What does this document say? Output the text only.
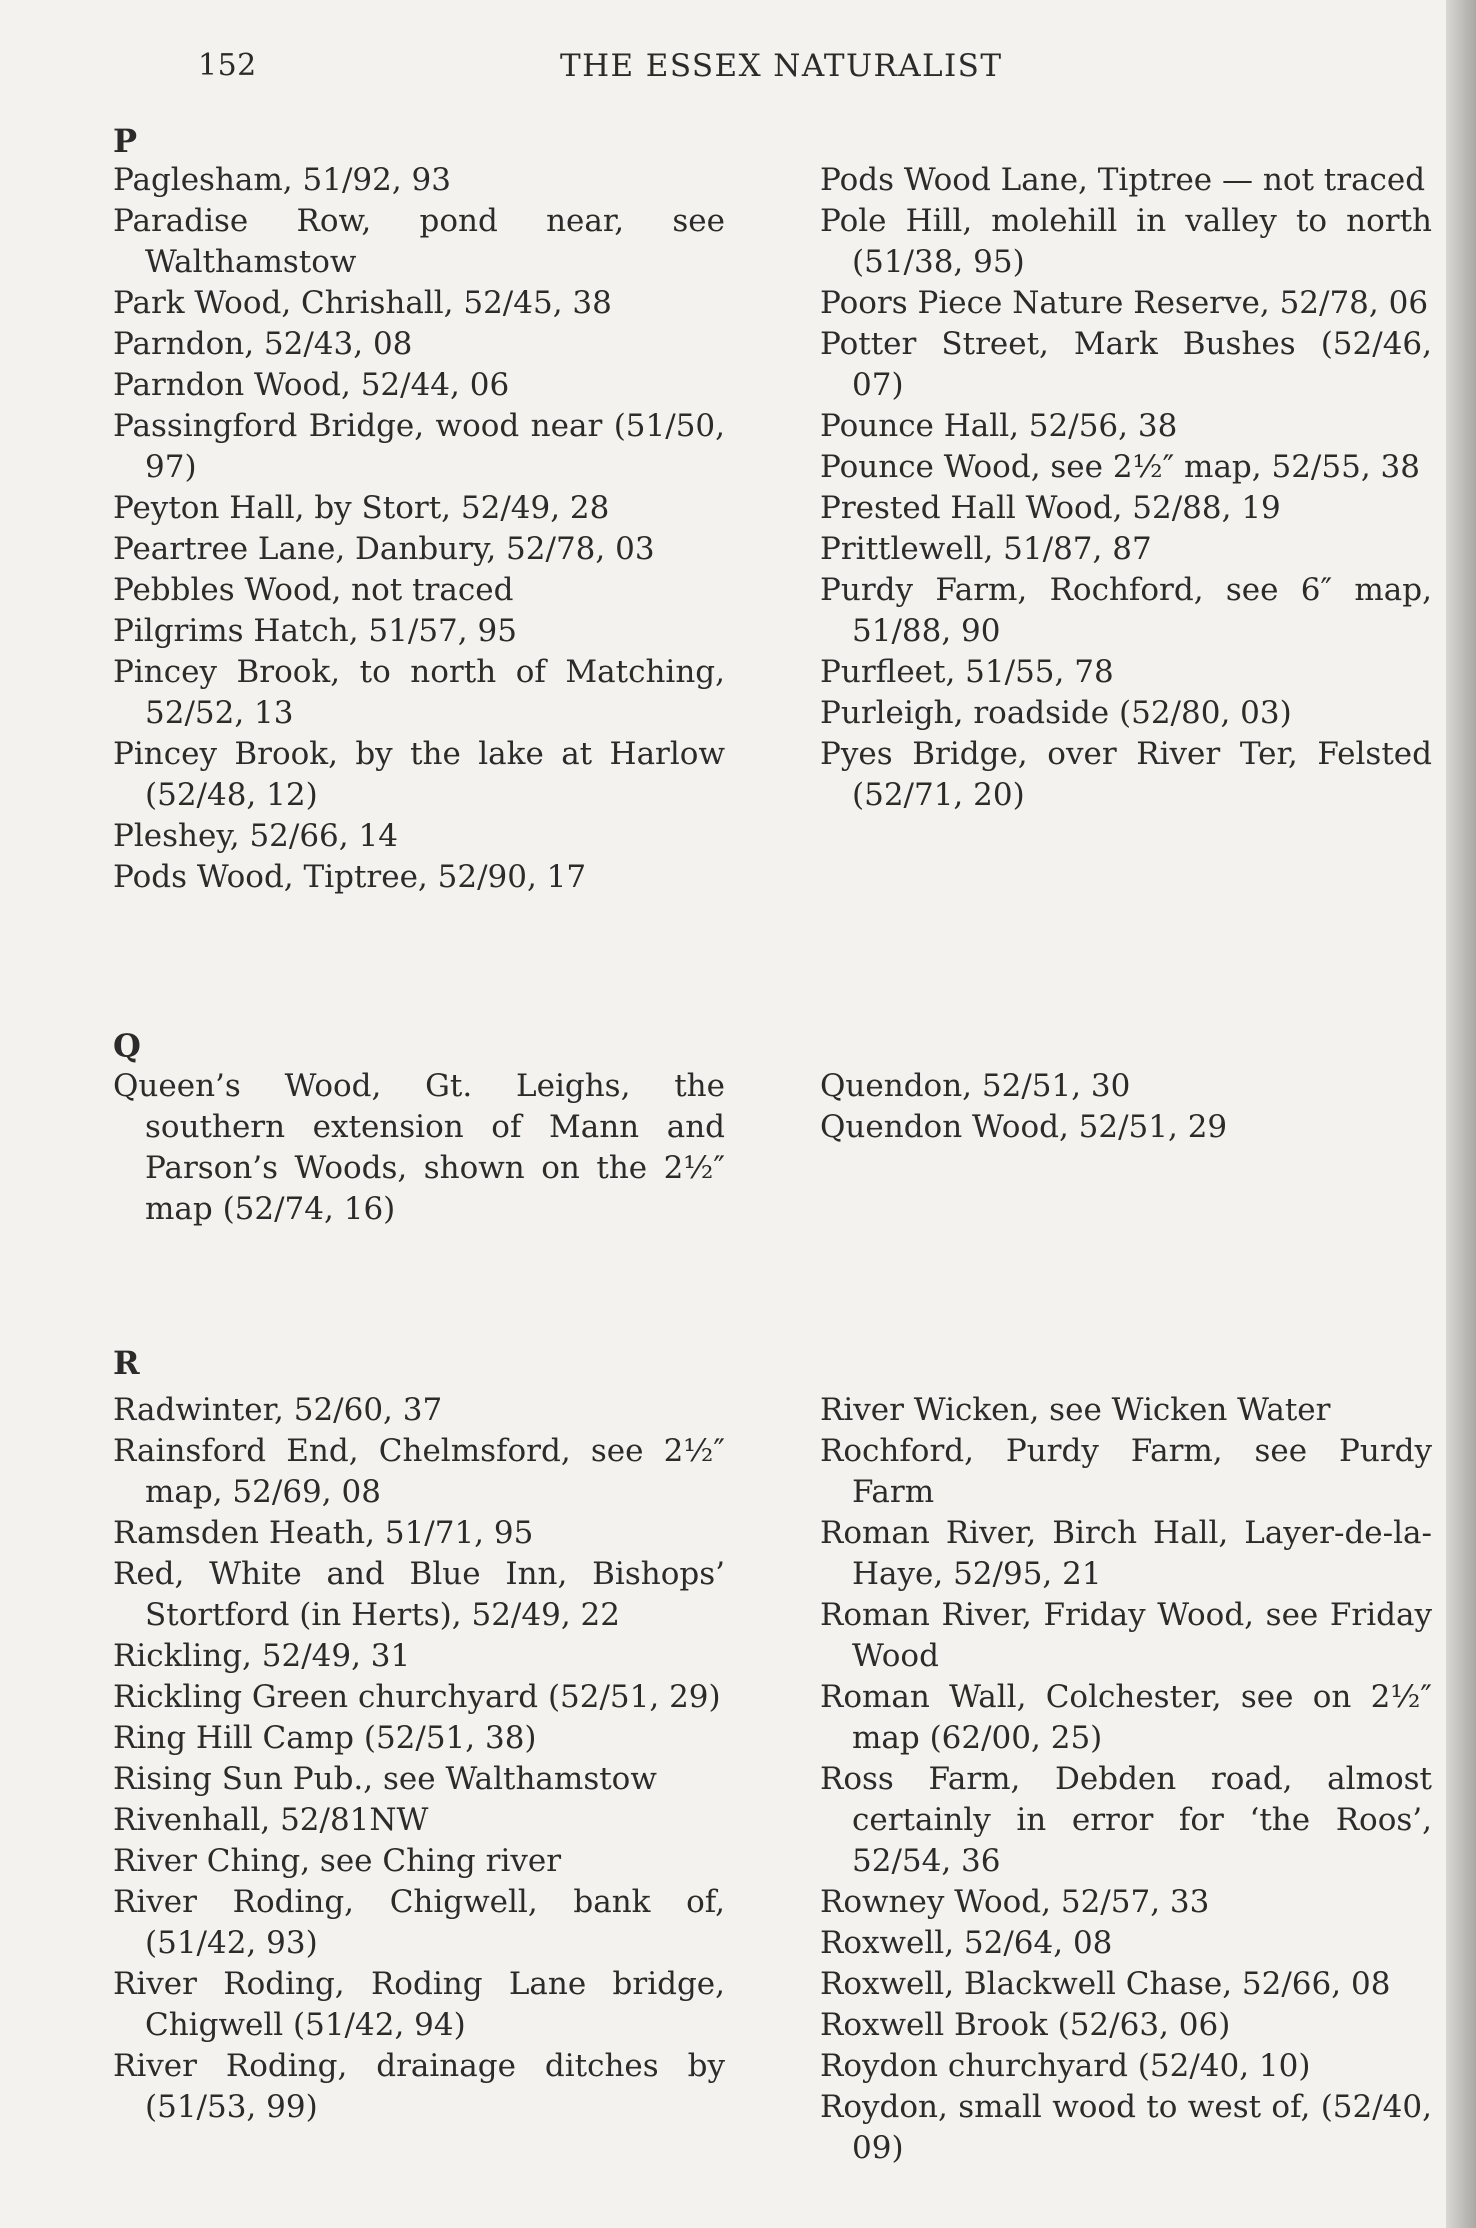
152	THE ESSEX NATURALIST
P

Paglesham, 51/92, 93

Paradise Row, pond near, see Walthamstow

Park Wood, Chrishall, 52/45, 38

Parndon, 52/43, 08

Parndon Wood, 52/44, 06

Passingford Bridge, wood near (51/50, 97)

Peyton Hall, by Stort, 52/49, 28

Peartree Lane, Danbury, 52/78, 03

Pebbles Wood, not traced

Pilgrims Hatch, 51/57, 95

Pincey Brook, to north of Matching, 52/52, 13

Pincey Brook, by the lake at Harlow (52/48, 12)

Pleshey, 52/66, 14

Pods Wood, Tiptree, 52/90, 17

Pods Wood Lane, Tiptree — not traced

Pole Hill, molehill in valley to north (51/38, 95)

Poors Piece Nature Reserve, 52/78, 06

Potter Street, Mark Bushes (52/46, 07)

Pounce Hall, 52/56, 38

Pounce Wood, see 2½″ map, 52/55, 38

Prested Hall Wood, 52/88, 19

Prittlewell, 51/87, 87

Purdy Farm, Rochford, see 6″ map, 51/88, 90

Purfleet, 51/55, 78

Purleigh, roadside (52/80, 03)

Pyes Bridge, over River Ter, Felsted (52/71, 20)

Q

Queen’s Wood, Gt. Leighs, the southern extension of Mann and Parson’s Woods, shown on the 2½″ map (52/74, 16)

Quendon, 52/51, 30

Quendon Wood, 52/51, 29

R

Radwinter, 52/60, 37

Rainsford End, Chelmsford, see 2½″ map, 52/69, 08

Ramsden Heath, 51/71, 95

Red, White and Blue Inn, Bishops’ Stortford (in Herts), 52/49, 22

Rickling, 52/49, 31

Rickling Green churchyard (52/51, 29)

Ring Hill Camp (52/51, 38)

Rising Sun Pub., see Walthamstow

Rivenhall, 52/81NW

River Ching, see Ching river

River Roding, Chigwell, bank of, (51/42, 93)

River Roding, Roding Lane bridge, Chigwell (51/42, 94)

River Roding, drainage ditches by (51/53, 99)

River Wicken, see Wicken Water

Rochford, Purdy Farm, see Purdy Farm

Roman River, Birch Hall, Layer-de-la-Haye, 52/95, 21

Roman River, Friday Wood, see Friday Wood

Roman Wall, Colchester, see on 2½″ map (62/00, 25)

Ross Farm, Debden road, almost certainly in error for ‘the Roos’, 52/54, 36

Rowney Wood, 52/57, 33

Roxwell, 52/64, 08

Roxwell, Blackwell Chase, 52/66, 08

Roxwell Brook (52/63, 06)

Roydon churchyard (52/40, 10)

Roydon, small wood to west of, (52/40, 09)
